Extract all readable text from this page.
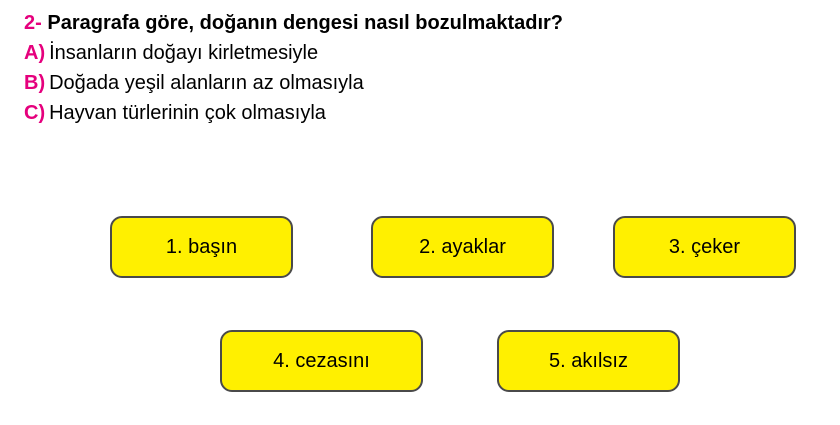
2- Paragrafa göre, doğanın dengesi nasıl bozulmaktadır?
A) İnsanların doğayı kirletmesiyle
B) Doğada yeşil alanların az olmasıyla
C) Hayvan türlerinin çok olmasıyla
1. başın	2. ayaklar	3. çeker
4. cezasını	5. akılsız
